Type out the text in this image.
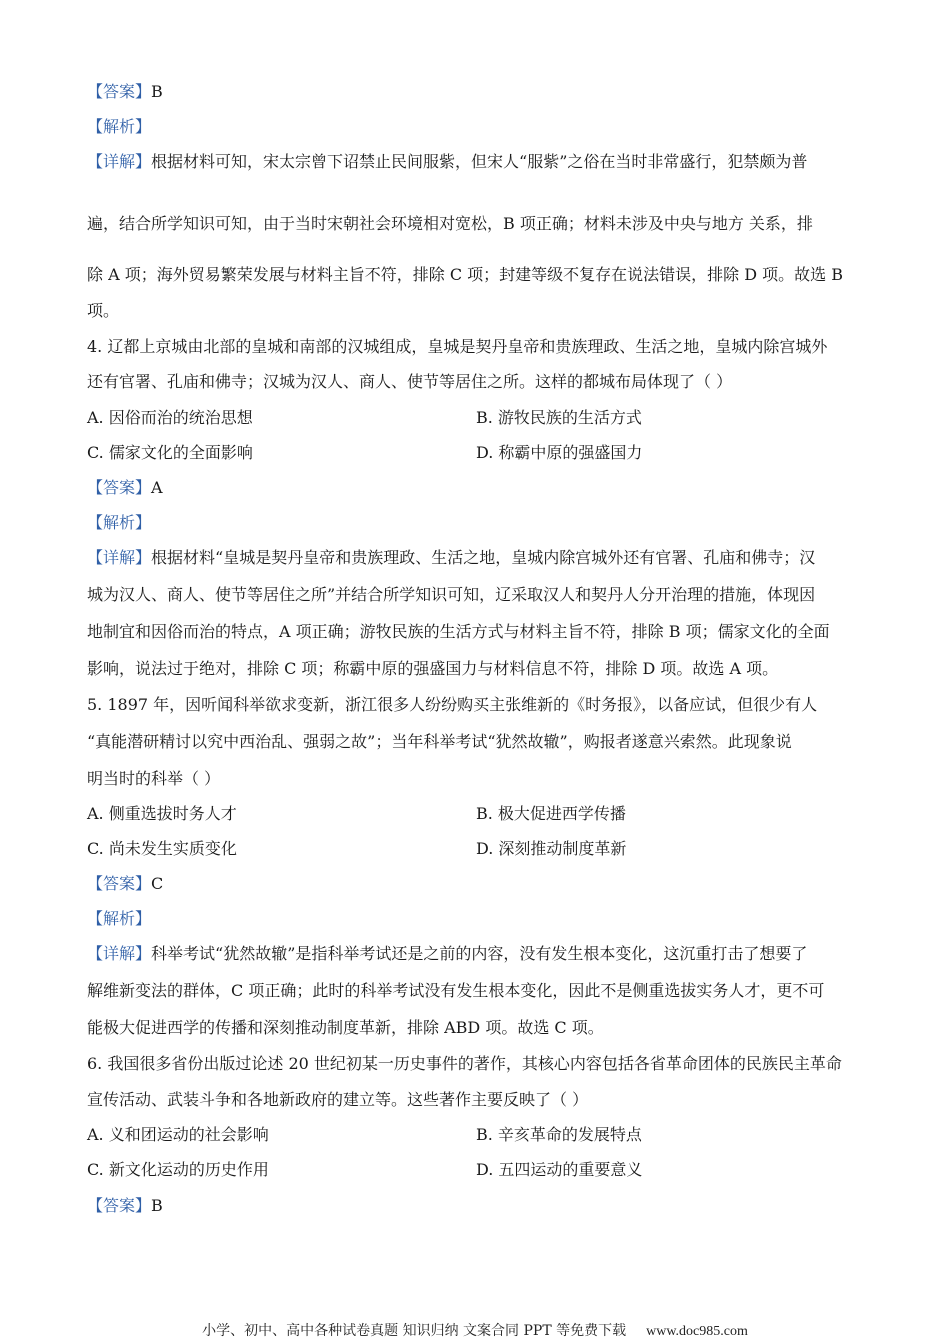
【答案】B
【解析】
【详解】根据材料可知，宋太宗曾下诏禁止民间服紫，但宋人“服紫”之俗在当时非常盛行，犯禁颇为普
遍，结合所学知识可知，由于当时宋朝社会环境相对宽松，B 项正确；材料未涉及中央与地方 关系，排
除 A 项；海外贸易繁荣发展与材料主旨不符，排除 C 项；封建等级不复存在说法错误，排除 D 项。故选 B
项。
4. 辽都上京城由北部的皇城和南部的汉城组成，皇城是契丹皇帝和贵族理政、生活之地，皇城内除宫城外
还有官署、孔庙和佛寺；汉城为汉人、商人、使节等居住之所。这样的都城布局体现了（ ）
A. 因俗而治的统治思想	B. 游牧民族的生活方式
C. 儒家文化的全面影响	D. 称霸中原的强盛国力
【答案】A
【解析】
【详解】根据材料“皇城是契丹皇帝和贵族理政、生活之地，皇城内除宫城外还有官署、孔庙和佛寺；汉
城为汉人、商人、使节等居住之所”并结合所学知识可知，辽采取汉人和契丹人分开治理的措施，体现因
地制宜和因俗而治的特点，A 项正确；游牧民族的生活方式与材料主旨不符，排除 B 项；儒家文化的全面
影响，说法过于绝对，排除 C 项；称霸中原的强盛国力与材料信息不符，排除 D 项。故选 A 项。
5. 1897 年，因听闻科举欲求变新，浙江很多人纷纷购买主张维新的《时务报》，以备应试，但很少有人
“真能潜研精讨以究中西治乱、强弱之故”；当年科举考试“犹然故辙”，购报者遂意兴索然。此现象说
明当时的科举（ ）
A. 侧重选拔时务人才	B. 极大促进西学传播
C. 尚未发生实质变化	D. 深刻推动制度革新
【答案】C
【解析】
【详解】科举考试“犹然故辙”是指科举考试还是之前的内容，没有发生根本变化，这沉重打击了想要了
解维新变法的群体，C 项正确；此时的科举考试没有发生根本变化，因此不是侧重选拔实务人才，更不可
能极大促进西学的传播和深刻推动制度革新，排除 ABD 项。故选 C 项。
6. 我国很多省份出版过论述 20 世纪初某一历史事件的著作，其核心内容包括各省革命团体的民族民主革命
宣传活动、武装斗争和各地新政府的建立等。这些著作主要反映了（ ）
A. 义和团运动的社会影响	B. 辛亥革命的发展特点
C. 新文化运动的历史作用	D. 五四运动的重要意义
【答案】B
小学、初中、高中各种试卷真题 知识归纳 文案合同 PPT 等免费下载 www.doc985.com
